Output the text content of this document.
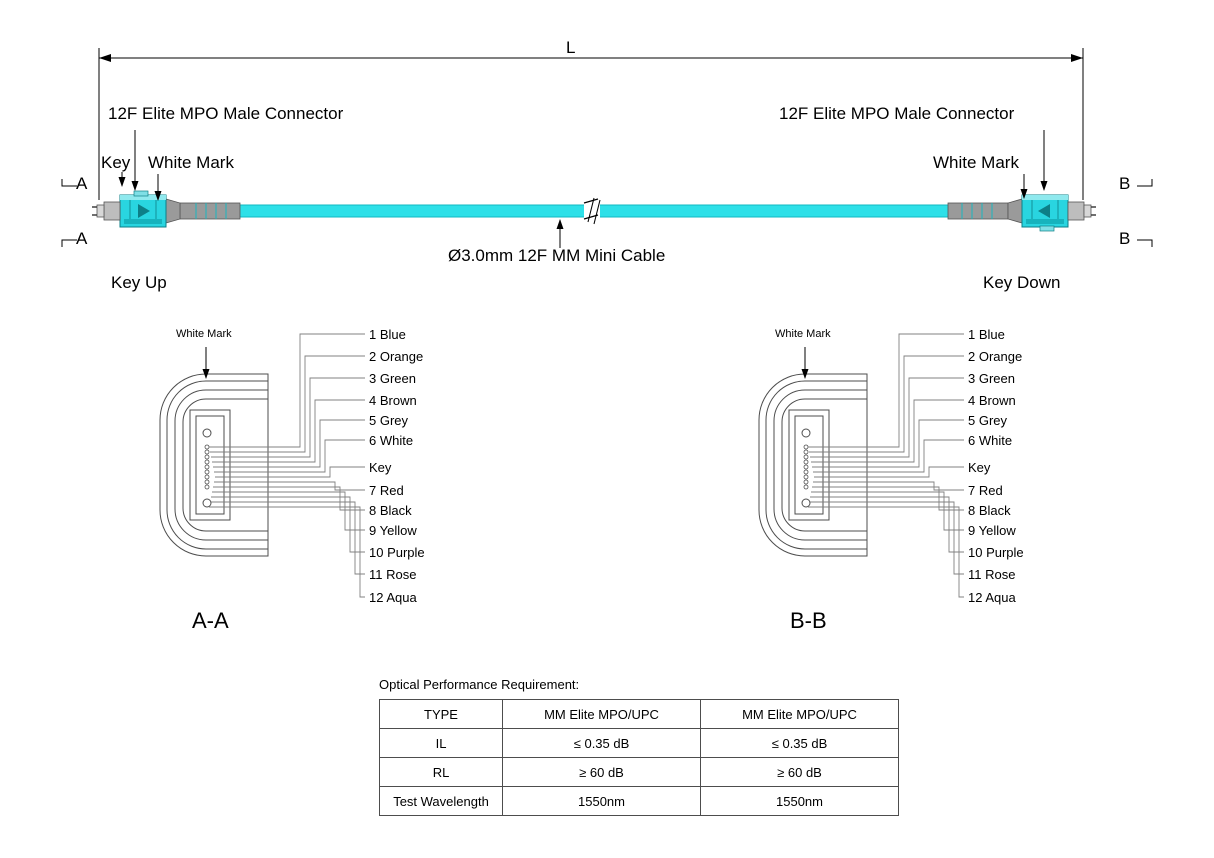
L
12F Elite MPO Male Connector	12F Elite MPO Male Connector
Key White Mark	White Mark
A
A
B
B
Ø3.0mm 12F MM Mini Cable
Key Up	Key Down
White Mark	1 Blue
2 Orange
3 Green
4 Brown
5 Grey
6 White
Key
7 Red
8 Black
9 Yellow
10 Purple
11 Rose
12 Aqua
A-A
White Mark	1 Blue
2 Orange
3 Green
4 Brown
5 Grey
6 White
Key
7 Red
8 Black
9 Yellow
10 Purple
11 Rose
12 Aqua
B-B
Optical Performance Requirement:
TYPE	MM Elite MPO/UPC	MM Elite MPO/UPC
IL	≤ 0.35 dB	≤ 0.35 dB
RL	≥ 60 dB	≥ 60 dB
Test Wavelength	1550nm	1550nm
